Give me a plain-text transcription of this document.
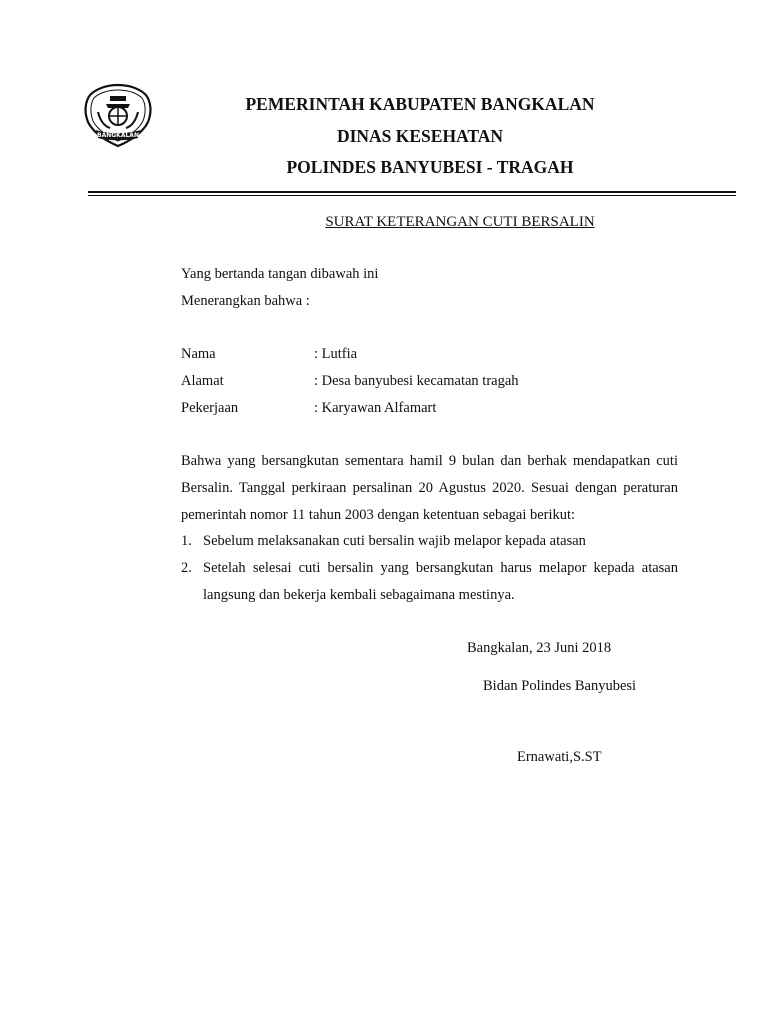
BANGKALAN
PEMERINTAH KABUPATEN BANGKALAN
DINAS KESEHATAN
POLINDES BANYUBESI - TRAGAH
SURAT KETERANGAN CUTI BERSALIN
Yang bertanda tangan dibawah ini
Menerangkan bahwa :
Nama	: Lutfia
Alamat	: Desa banyubesi kecamatan tragah
Pekerjaan	: Karyawan Alfamart
Bahwa yang bersangkutan sementara hamil 9 bulan dan berhak mendapatkan cuti
Bersalin. Tanggal perkiraan persalinan 20 Agustus 2020. Sesuai dengan peraturan
pemerintah nomor 11 tahun 2003 dengan ketentuan sebagai berikut:
1. Sebelum melaksanakan cuti bersalin wajib melapor kepada atasan
2. Setelah selesai cuti bersalin yang bersangkutan harus melapor kepada atasan
langsung dan bekerja kembali sebagaimana mestinya.
Bangkalan, 23 Juni 2018
Bidan Polindes Banyubesi
Ernawati,S.ST
